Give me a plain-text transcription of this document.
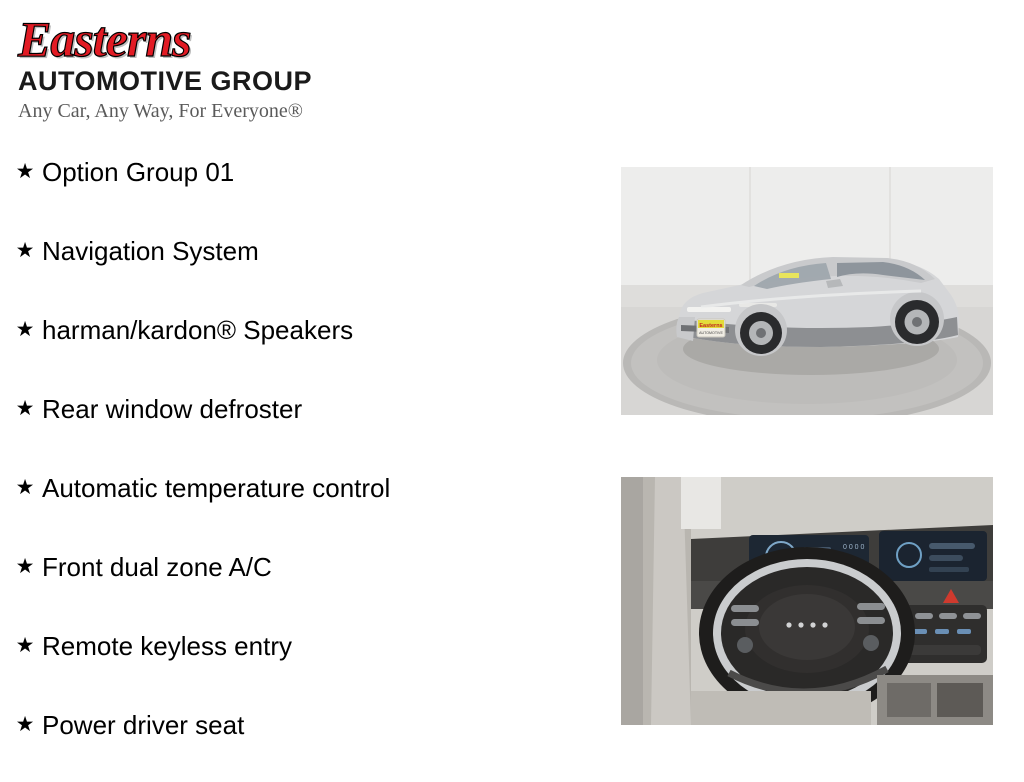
Easterns
AUTOMOTIVE GROUP
Any Car, Any Way, For Everyone®
★ Option Group 01
★ Navigation System
★ harman/kardon® Speakers
★ Rear window defroster
★ Automatic temperature control
★ Front dual zone A/C
★ Remote keyless entry
★ Power driver seat
Easterns
AUTOMOTIVE
0 0 0 0
